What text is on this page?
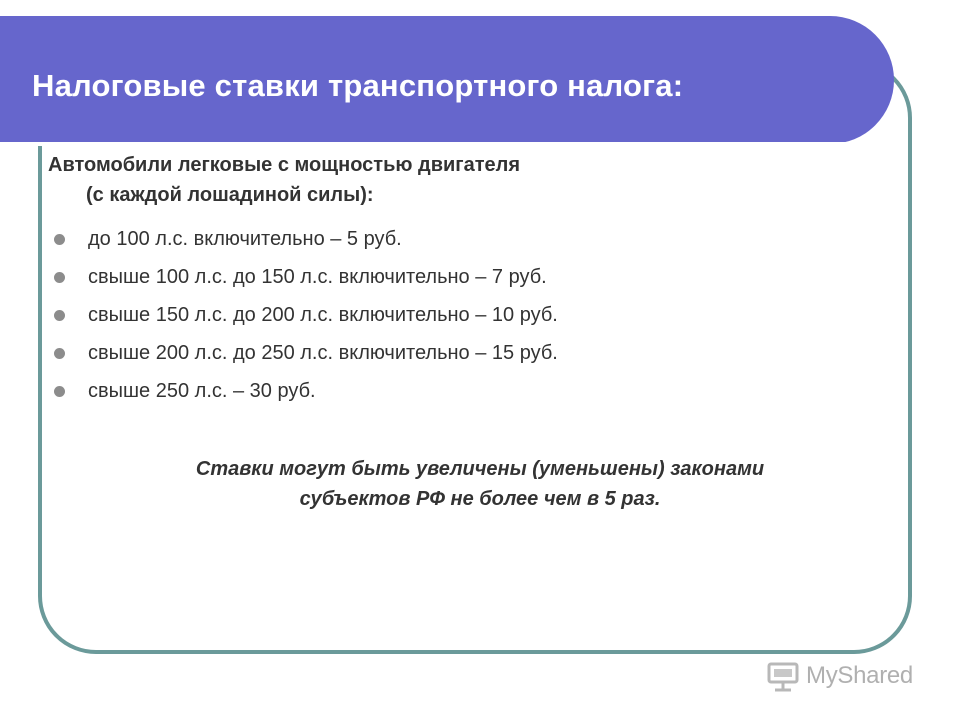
Налоговые ставки транспортного налога:
Автомобили легковые с мощностью двигателя
(с каждой лошадиной силы):
до 100 л.с. включительно – 5 руб.
свыше 100 л.с. до 150 л.с. включительно – 7 руб.
свыше 150 л.с. до 200 л.с. включительно – 10 руб.
свыше 200 л.с. до 250 л.с. включительно – 15 руб.
свыше 250 л.с. – 30 руб.
Ставки могут быть увеличены (уменьшены) законами
субъектов РФ не более чем в 5 раз.
MyShared
